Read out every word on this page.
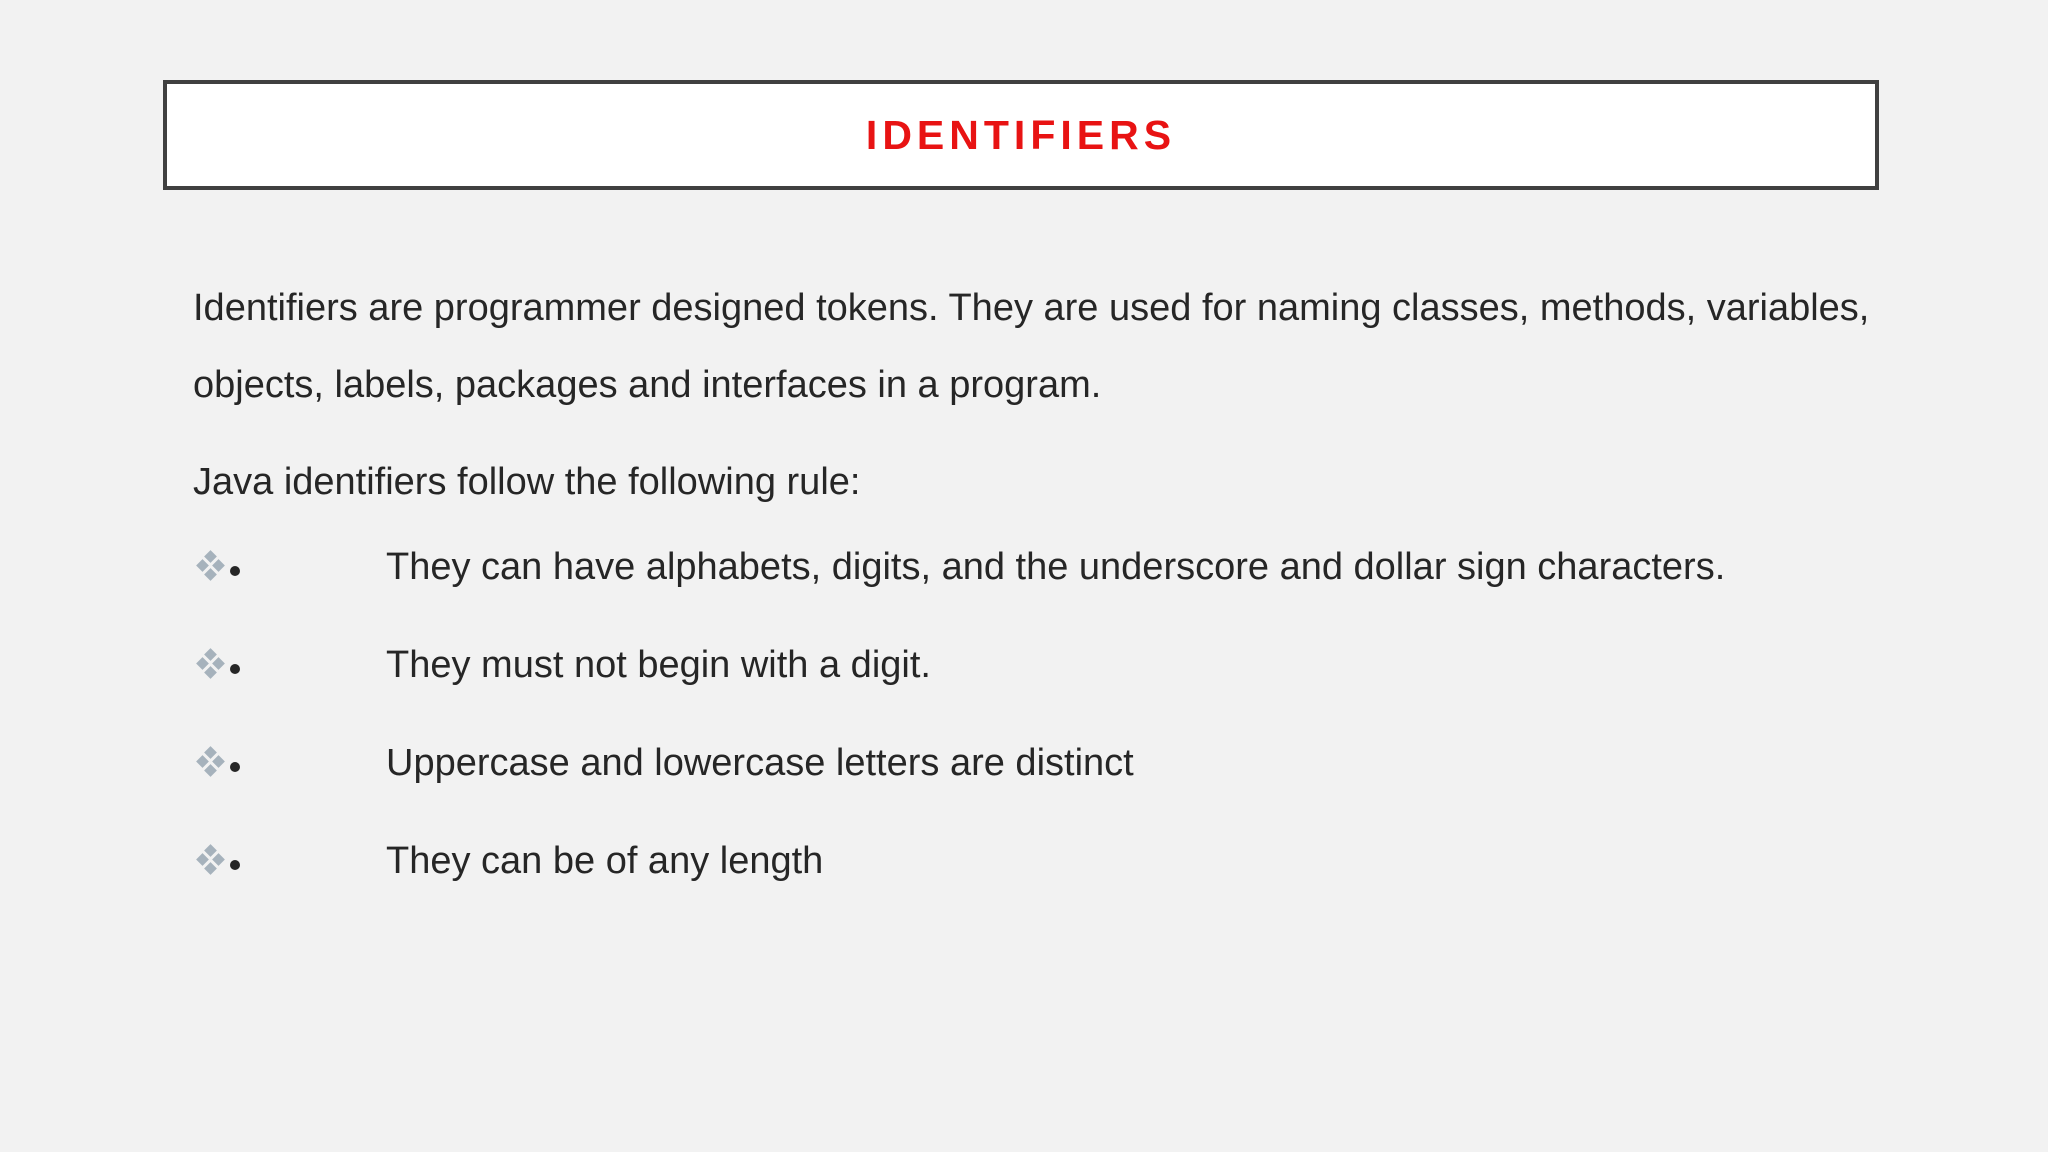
IDENTIFIERS

Identifiers are programmer designed tokens. They are used for naming classes, methods, variables, objects, labels, packages and interfaces in a program.

Java identifiers follow the following rule:

They can have alphabets, digits, and the underscore and dollar sign characters.
They must not begin with a digit.
Uppercase and lowercase letters are distinct
They can be of any length
